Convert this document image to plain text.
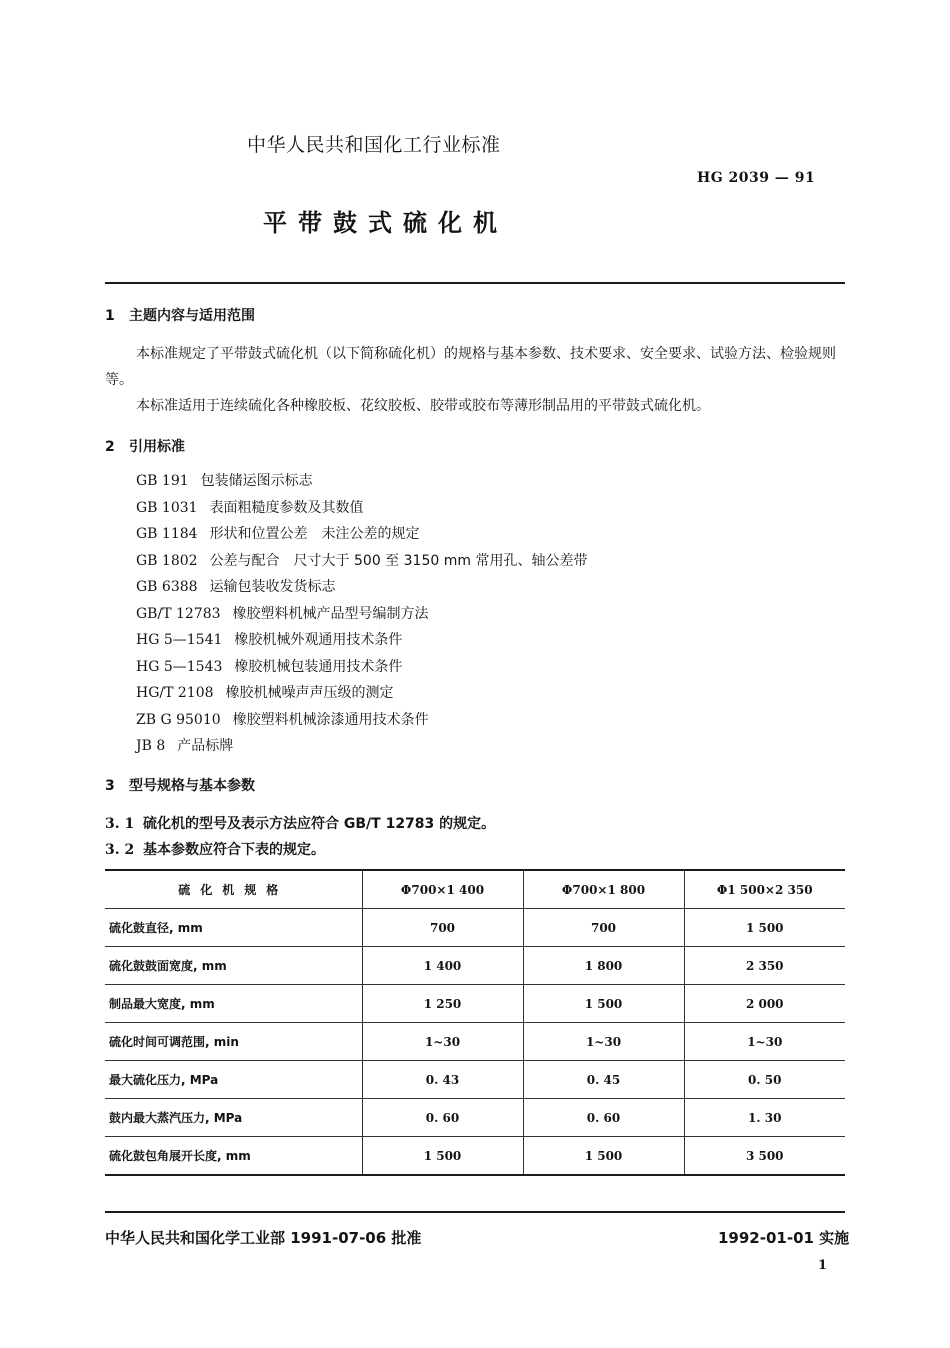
中华人民共和国化工行业标准
HG 2039 — 91
平带鼓式硫化机
1 主题内容与适用范围

本标准规定了平带鼓式硫化机（以下简称硫化机）的规格与基本参数、技术要求、安全要求、试验方法、检验规则等。

本标准适用于连续硫化各种橡胶板、花纹胶板、胶带或胶布等薄形制品用的平带鼓式硫化机。

2 引用标准
GB 191 包装储运图示标志
GB 1031 表面粗糙度参数及其数值
GB 1184 形状和位置公差　未注公差的规定
GB 1802 公差与配合　尺寸大于 500 至 3150 mm 常用孔、轴公差带
GB 6388 运输包装收发货标志
GB/T 12783 橡胶塑料机械产品型号编制方法
HG 5—1541 橡胶机械外观通用技术条件
HG 5—1543 橡胶机械包装通用技术条件
HG/T 2108 橡胶机械噪声声压级的测定
ZB G 95010 橡胶塑料机械涂漆通用技术条件
JB 8 产品标牌
3 型号规格与基本参数
3. 1 硫化机的型号及表示方法应符合 GB/T 12783 的规定。
3. 2 基本参数应符合下表的规定。
硫化机规格	Φ700×1 400	Φ700×1 800	Φ1 500×2 350
硫化鼓直径, mm	700	700	1 500
硫化鼓鼓面宽度, mm	1 400	1 800	2 350
制品最大宽度, mm	1 250	1 500	2 000
硫化时间可调范围, min	1~30	1~30	1~30
最大硫化压力, MPa	0. 43	0. 45	0. 50
鼓内最大蒸汽压力, MPa	0. 60	0. 60	1. 30
硫化鼓包角展开长度, mm	1 500	1 500	3 500
中华人民共和国化学工业部 1991-07-06 批准	1992-01-01 实施
1
